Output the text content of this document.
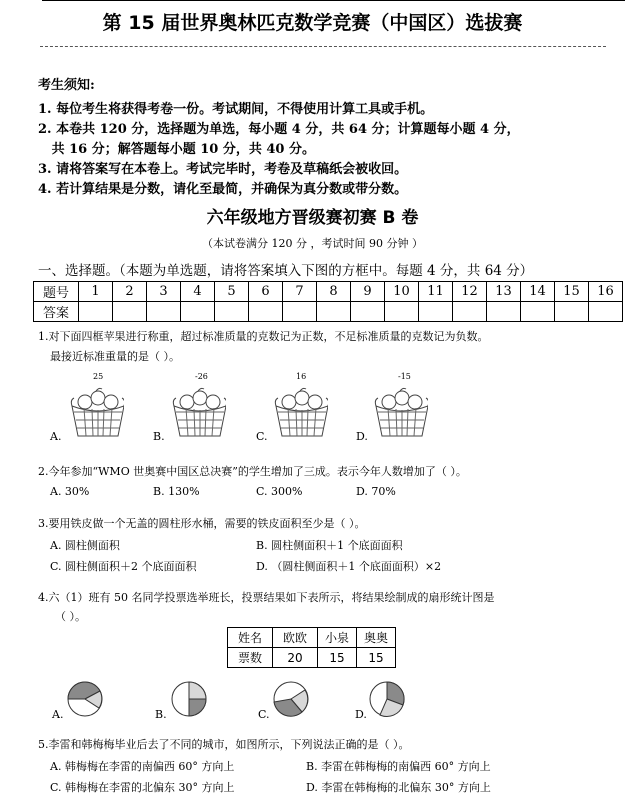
第 15 届世界奥林匹克数学竞赛（中国区）选拔赛
考生须知:
1. 每位考生将获得考卷一份。考试期间，不得使用计算工具或手机。
2. 本卷共 120 分，选择题为单选，每小题 4 分，共 64 分；计算题每小题 4 分，
共 16 分；解答题每小题 10 分，共 40 分。
3. 请将答案写在本卷上。考试完毕时，考卷及草稿纸会被收回。
4. 若计算结果是分数，请化至最简，并确保为真分数或带分数。
六年级地方晋级赛初赛 B 卷
（本试卷满分 120 分 ，考试时间 90 分钟 ）
一、选择题。（本题为单选题，请将答案填入下图的方框中。每题 4 分，共 64 分）
题号	1	2	3	4	5	6	7	8	9	10	11	12	13	14	15	16
答案																
1.对下面四框苹果进行称重，超过标准质量的克数记为正数，不足标准质量的克数记为负数。
最接近标准重量的是（ ）。
A.	B.	C.	D.
25	-26	16	-15
2.今年参加“WMO 世奥赛中国区总决赛”的学生增加了三成。表示今年人数增加了（ ）。
A. 30%	B. 130%	C. 300%	D. 70%
3.要用铁皮做一个无盖的圆柱形水桶，需要的铁皮面积至少是（ ）。
A. 圆柱侧面积	B. 圆柱侧面积＋1 个底面面积
C. 圆柱侧面积＋2 个底面面积	D. （圆柱侧面积＋1 个底面面积）×2
4.六（1）班有 50 名同学投票选举班长，投票结果如下表所示，将结果绘制成的扇形统计图是
（ ）。
姓名	欧欧	小泉	奥奥
票数	20	15	15
A.	B.	C.	D.
5.李雷和韩梅梅毕业后去了不同的城市，如图所示，下列说法正确的是（ ）。
A. 韩梅梅在李雷的南偏西 60° 方向上	B. 李雷在韩梅梅的南偏西 60° 方向上
C. 韩梅梅在李雷的北偏东 30° 方向上	D. 李雷在韩梅梅的北偏东 30° 方向上
